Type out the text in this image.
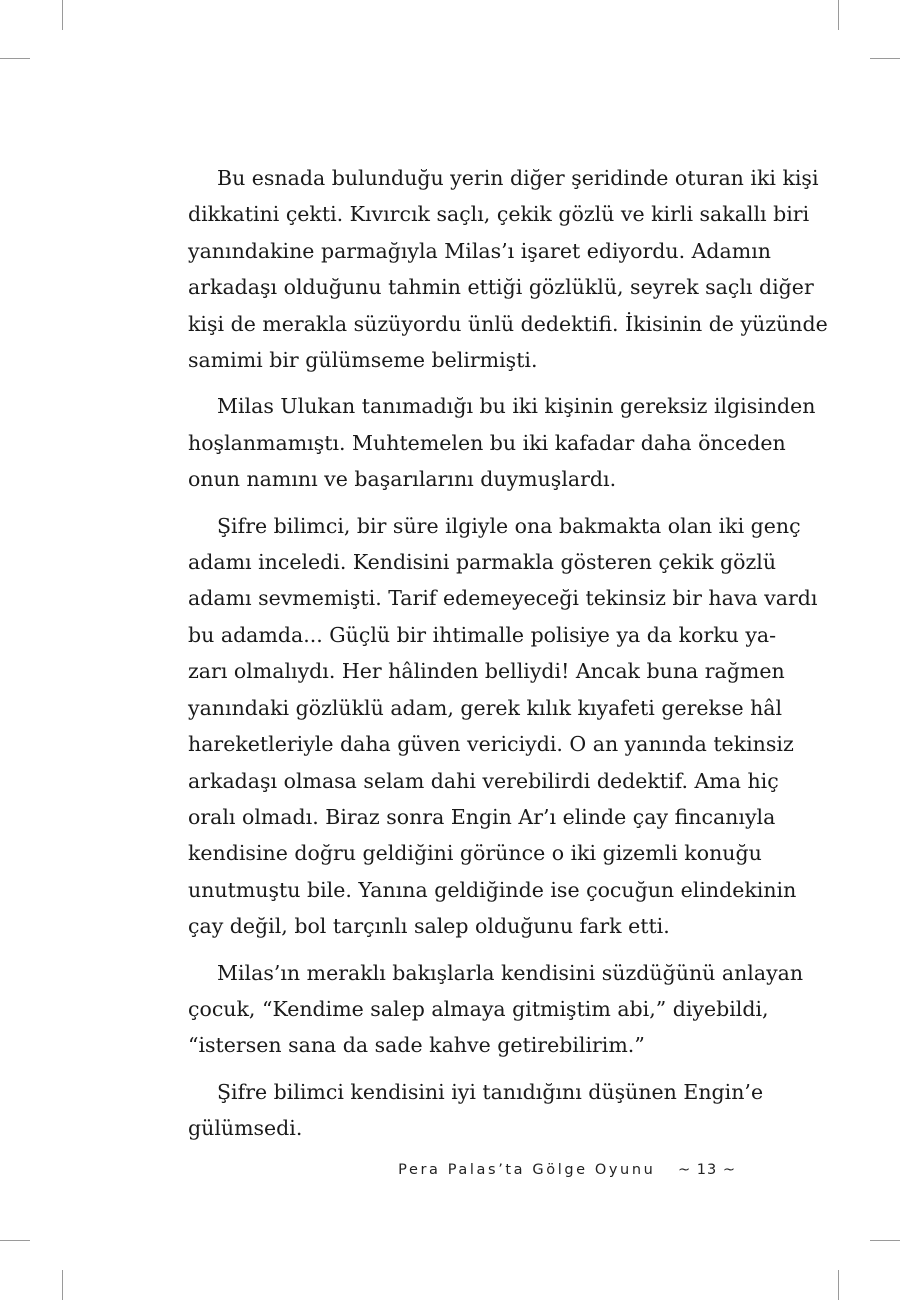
Bu esnada bulunduğu yerin diğer şeridinde oturan iki kişi
dikkatini çekti. Kıvırcık saçlı, çekik gözlü ve kirli sakallı biri
yanındakine parmağıyla Milas’ı işaret ediyordu. Adamın
arkadaşı olduğunu tahmin ettiği gözlüklü, seyrek saçlı diğer
kişi de merakla süzüyordu ünlü dedektifi. İkisinin de yüzünde
samimi bir gülümseme belirmişti.

Milas Ulukan tanımadığı bu iki kişinin gereksiz ilgisinden
hoşlanmamıştı. Muhtemelen bu iki kafadar daha önceden
onun namını ve başarılarını duymuşlardı.

Şifre bilimci, bir süre ilgiyle ona bakmakta olan iki genç
adamı inceledi. Kendisini parmakla gösteren çekik gözlü
adamı sevmemişti. Tarif edemeyeceği tekinsiz bir hava vardı
bu adamda... Güçlü bir ihtimalle polisiye ya da korku ya-
zarı olmalıydı. Her hâlinden belliydi! Ancak buna rağmen
yanındaki gözlüklü adam, gerek kılık kıyafeti gerekse hâl
hareketleriyle daha güven vericiydi. O an yanında tekinsiz
arkadaşı olmasa selam dahi verebilirdi dedektif. Ama hiç
oralı olmadı. Biraz sonra Engin Ar’ı elinde çay fincanıyla
kendisine doğru geldiğini görünce o iki gizemli konuğu
unutmuştu bile. Yanına geldiğinde ise çocuğun elindekinin
çay değil, bol tarçınlı salep olduğunu fark etti.

Milas’ın meraklı bakışlarla kendisini süzdüğünü anlayan
çocuk, “Kendime salep almaya gitmiştim abi,” diyebildi,
“istersen sana da sade kahve getirebilirim.”

Şifre bilimci kendisini iyi tanıdığını düşünen Engin’e
gülümsedi.

Pera Palas’ta Gölge Oyunu ~ 13 ~
